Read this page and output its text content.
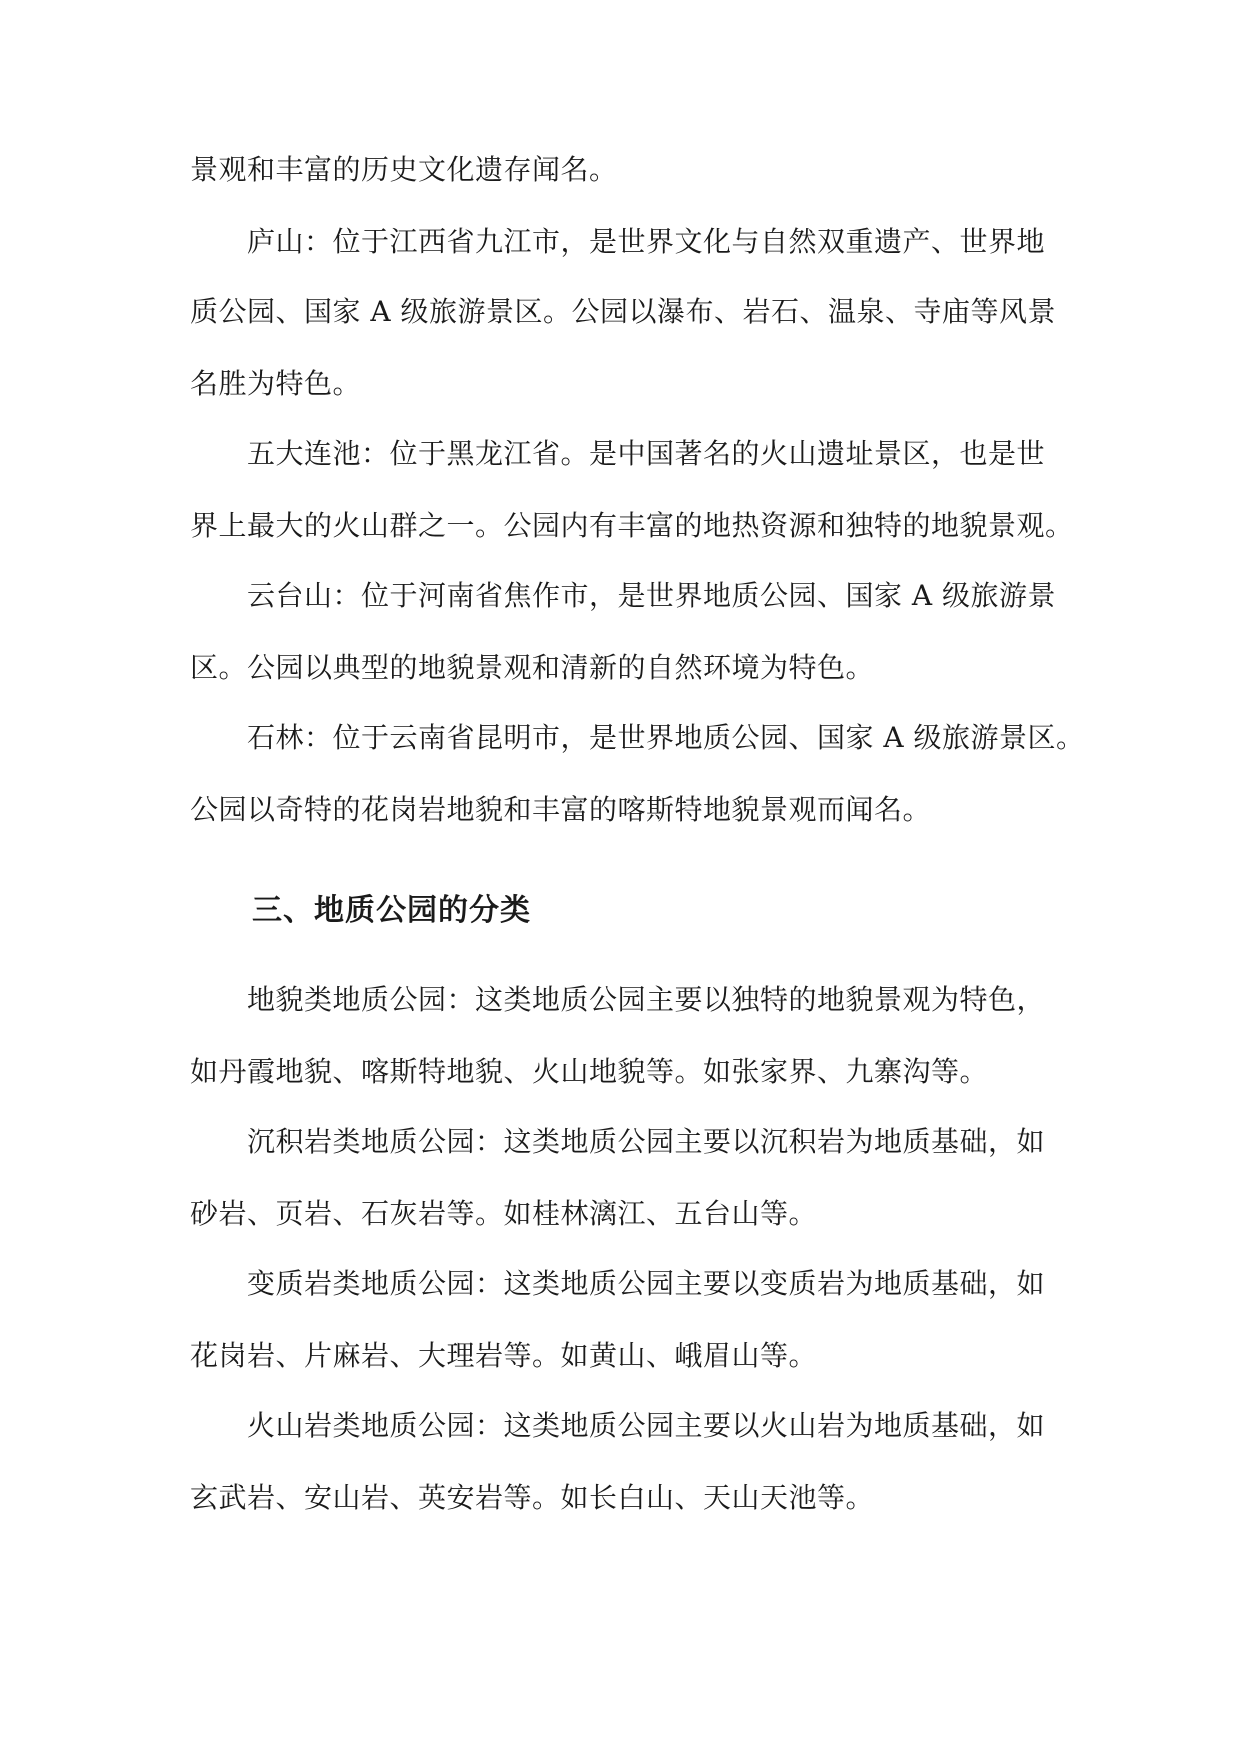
景观和丰富的历史文化遗存闻名。
庐山：位于江西省九江市，是世界文化与自然双重遗产、世界地
质公园、国家 A 级旅游景区。公园以瀑布、岩石、温泉、寺庙等风景
名胜为特色。
五大连池：位于黑龙江省。是中国著名的火山遗址景区，也是世
界上最大的火山群之一。公园内有丰富的地热资源和独特的地貌景观。
云台山：位于河南省焦作市，是世界地质公园、国家 A 级旅游景
区。公园以典型的地貌景观和清新的自然环境为特色。
石林：位于云南省昆明市，是世界地质公园、国家 A 级旅游景区。
公园以奇特的花岗岩地貌和丰富的喀斯特地貌景观而闻名。
三、地质公园的分类
地貌类地质公园：这类地质公园主要以独特的地貌景观为特色，
如丹霞地貌、喀斯特地貌、火山地貌等。如张家界、九寨沟等。
沉积岩类地质公园：这类地质公园主要以沉积岩为地质基础，如
砂岩、页岩、石灰岩等。如桂林漓江、五台山等。
变质岩类地质公园：这类地质公园主要以变质岩为地质基础，如
花岗岩、片麻岩、大理岩等。如黄山、峨眉山等。
火山岩类地质公园：这类地质公园主要以火山岩为地质基础，如
玄武岩、安山岩、英安岩等。如长白山、天山天池等。
